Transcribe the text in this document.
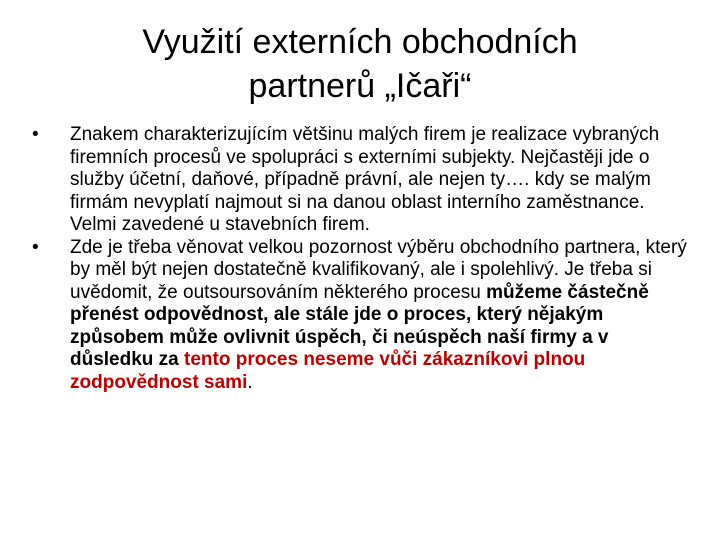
Využití externích obchodních
partnerů „Ičaři“
•	Znakem charakterizujícím většinu malých firem je realizace vybraných firemních procesů ve spolupráci s externími subjekty. Nejčastěji jde o služby účetní, daňové, případně právní, ale nejen ty…. kdy se malým firmám nevyplatí najmout si na danou oblast interního zaměstnance. Velmi zavedené u stavebních firem.
•	Zde je třeba věnovat velkou pozornost výběru obchodního partnera, který by měl být nejen dostatečně kvalifikovaný, ale i spolehlivý. Je třeba si uvědomit, že outsoursováním některého procesu můžeme částečně přenést odpovědnost, ale stále jde o proces, který nějakým způsobem může ovlivnit úspěch, či neúspěch naší firmy a v důsledku za tento proces neseme vůči zákazníkovi plnou zodpovědnost sami.
